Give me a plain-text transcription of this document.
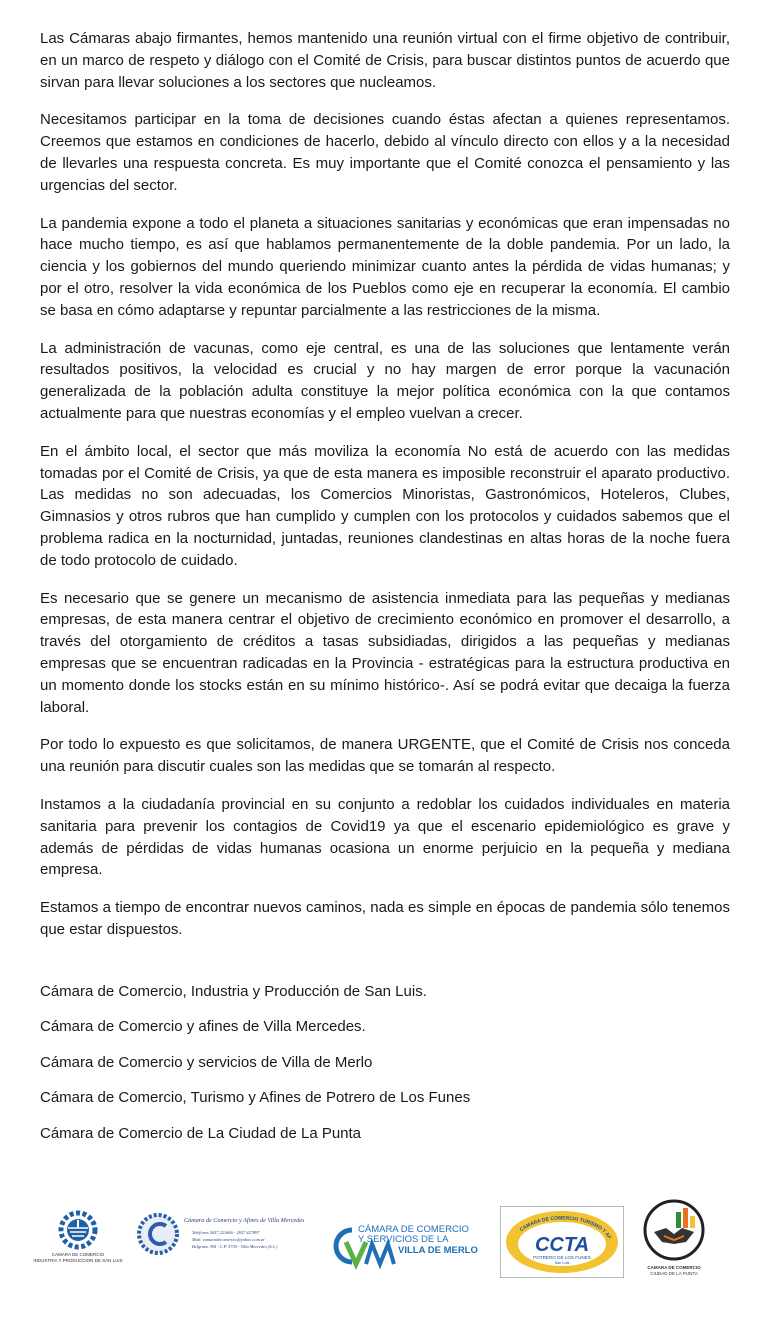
Las Cámaras abajo firmantes, hemos mantenido una reunión virtual con el firme objetivo de contribuir, en un marco de respeto y diálogo con el Comité de Crisis, para buscar distintos puntos de acuerdo que sirvan para llevar soluciones a los sectores que nucleamos.

Necesitamos participar en la toma de decisiones cuando éstas afectan a quienes representamos. Creemos que estamos en condiciones de hacerlo, debido al vínculo directo con ellos y a la necesidad de llevarles una respuesta concreta. Es muy importante que el Comité conozca el pensamiento y las urgencias del sector.

La pandemia expone a todo el planeta a situaciones sanitarias y económicas que eran impensadas no hace mucho tiempo, es así que hablamos permanentemente de la doble pandemia. Por un lado, la ciencia y los gobiernos del mundo queriendo minimizar cuanto antes la pérdida de vidas humanas; y por el otro, resolver la vida económica de los Pueblos como eje en recuperar la economía. El cambio se basa en cómo adaptarse y repuntar parcialmente a las restricciones de la misma.

La administración de vacunas, como eje central, es una de las soluciones que lentamente verán resultados positivos, la velocidad es crucial y no hay margen de error porque la vacunación generalizada de la población adulta constituye la mejor política económica con la que contamos actualmente para que nuestras economías y el empleo vuelvan a crecer.

En el ámbito local, el sector que más moviliza la economía No está de acuerdo con las medidas tomadas por el Comité de Crisis, ya que de esta manera es imposible reconstruir el aparato productivo. Las medidas no son adecuadas, los Comercios Minoristas, Gastronómicos, Hoteleros, Clubes, Gimnasios y otros rubros que han cumplido y cumplen con los protocolos y cuidados sabemos que el problema radica en la nocturnidad, juntadas, reuniones clandestinas en altas horas de la noche fuera de todo protocolo de cuidado.

Es necesario que se genere un mecanismo de asistencia inmediata para las pequeñas y medianas empresas, de esta manera centrar el objetivo de crecimiento económico en promover el desarrollo, a través del otorgamiento de créditos a tasas subsidiadas, dirigidos a las pequeñas y medianas empresas que se encuentran radicadas en la Provincia - estratégicas para la estructura productiva en un momento donde los stocks están en su mínimo histórico-. Así se podrá evitar que decaiga la fuerza laboral.

Por todo lo expuesto es que solicitamos, de manera URGENTE, que el Comité de Crisis nos conceda una reunión para discutir cuales son las medidas que se tomarán al respecto.

Instamos a la ciudadanía provincial en su conjunto a redoblar los cuidados individuales en materia sanitaria para prevenir los contagios de Covid19 ya que el escenario epidemiológico es grave y además de pérdidas de vidas humanas ocasiona un enorme perjuicio en la pequeña y mediana empresa.

Estamos a tiempo de encontrar nuevos caminos, nada es simple en épocas de pandemia sólo tenemos que estar dispuestos.

Cámara de Comercio, Industria y Producción de San Luis.

Cámara de Comercio y afines de Villa Mercedes.

Cámara de Comercio y servicios de Villa de Merlo

Cámara de Comercio, Turismo y Afines de Potrero de Los Funes

Cámara de Comercio de La Ciudad de La Punta

CAMARA DE COMERCIO
INDUSTRIA Y PRODUCCION DE SAN LUIS
Cámara de Comercio y Afines de Villa Mercedes
Teléfonos 2657 221666 - 2657 427897
Mail: camaradecomercio@yahoo.com.ar
Belgrano 394 - C.P. 5730 - Villa Mercedes (S.L.)
CÁMARA DE COMERCIO
Y SERVICIOS DE LA
VILLA DE MERLO
CAMARA DE COMERCIO TURISMO Y AF
CCTA
POTRERO DE LOS FUNES
San Luis
CAMARA DE COMERCIO
CIUDAD DE LA PUNTA
